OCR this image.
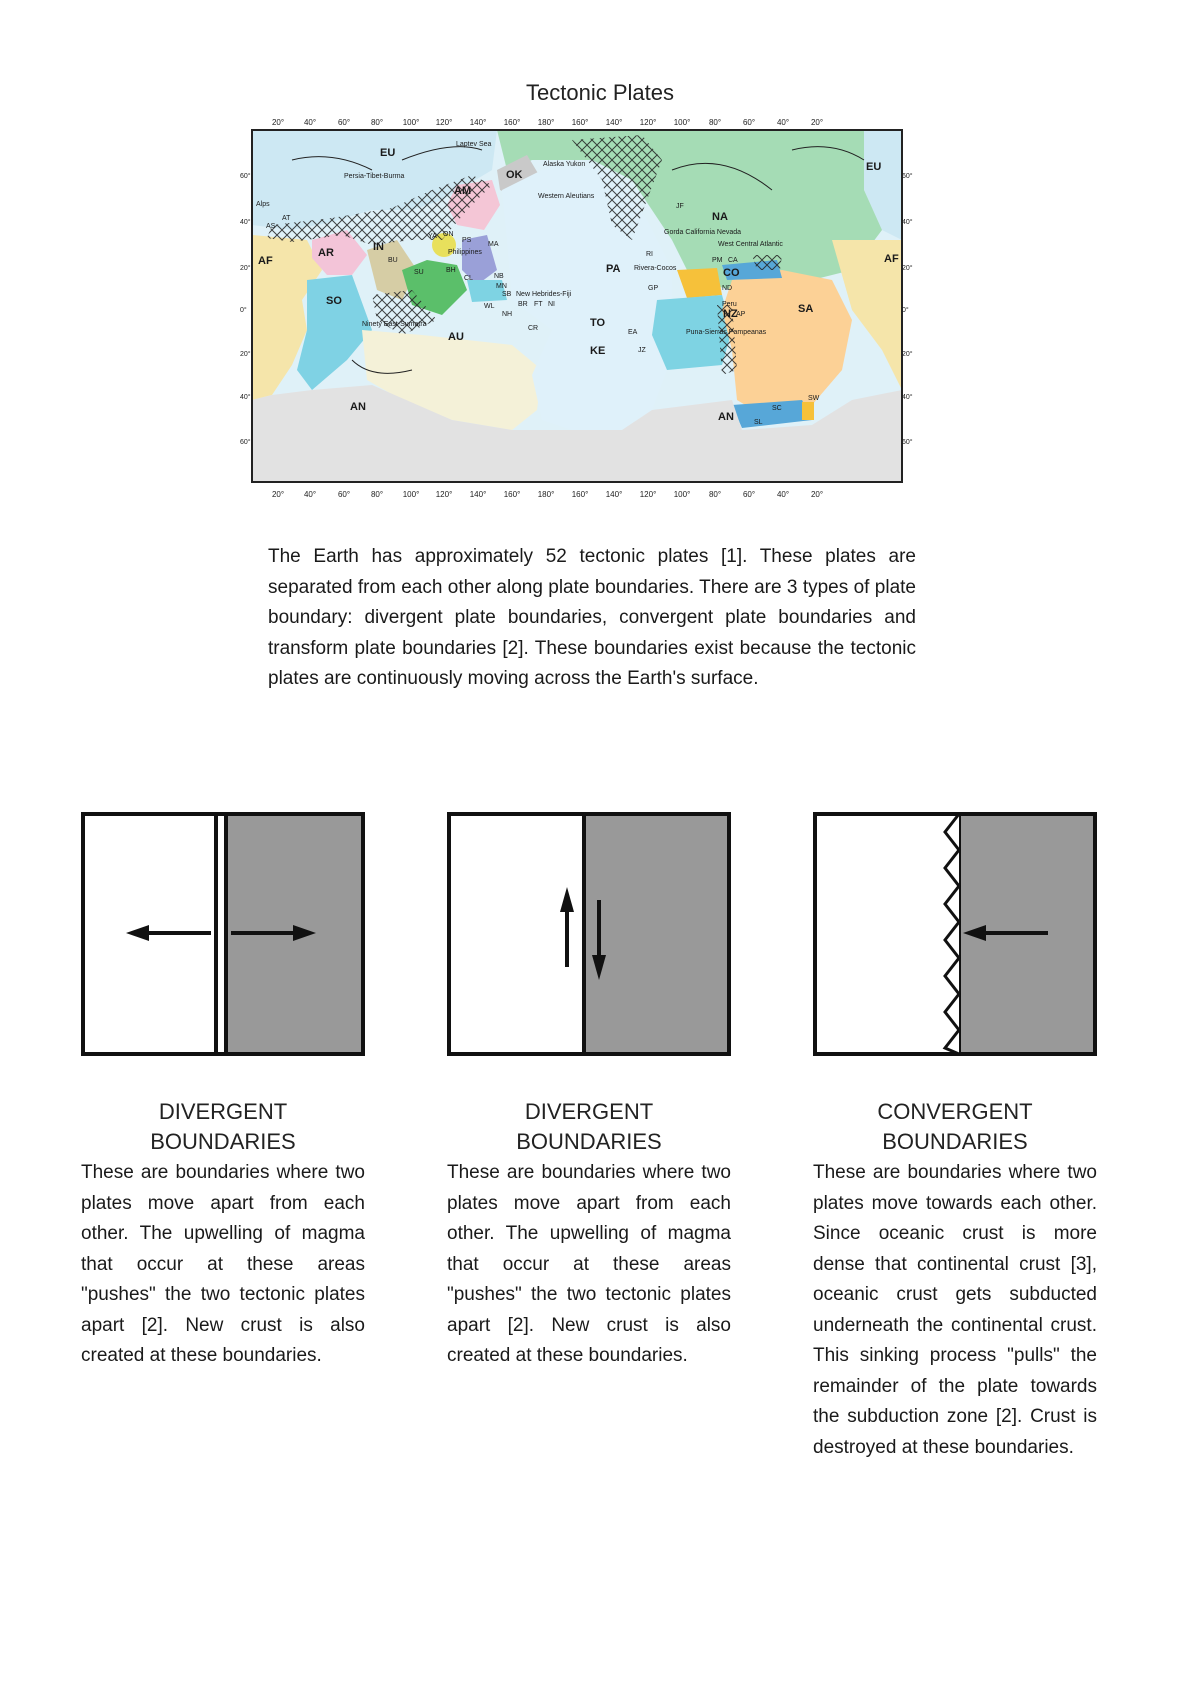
Tectonic Plates
20° 40°	60°	80° 100° 120° 140° 160° 180° 160° 140° 120° 100° 80°	60°	40°	20°
20° 40°	60°	80° 100° 120° 140° 160° 180° 160° 140° 120° 100° 80°	60°	40°	20°
60°
40°
20°
0°
20°
40°
60°
60°
40°
20°
0°
20°
40°
60°
EU
EU
AM
OK
NA
AF	AF
AR	IN
SO
PA	CO
NZ	SA
AU
AN
AN
KE
TO
Laptev Sea
Alaska Yukon
Western Aleutians
JF
Gorda California Nevada
Alps
AS
AT
Persia-Tibet-Burma
YA ON
PS
Philippines
MA
BU
SU	BH
CL	NB
MN
SB New Hebrides-Fiji
WL	BR FT NI
NH
CR
Ninety East-Sumatra
RI
Rivera-Cocos
GP
EA
JZ
PM CA
West Central Atlantic
ND
AP
Peru
Puna-Sierras Pampeanas
SC
SW
SL
The Earth has approximately 52 tectonic plates [1]. These plates are separated from each other along plate boundaries. There are 3 types of plate boundary: divergent plate boundaries, convergent plate boundaries and transform plate boundaries [2]. These boundaries exist because the tectonic plates are continuously moving across the Earth's surface.
DIVERGENT
BOUNDARIES
These are boundaries where two plates move apart from each other. The upwelling of magma that occur at these areas "pushes" the two tectonic plates apart [2]. New crust is also created at these boundaries.
DIVERGENT
BOUNDARIES
These are boundaries where two plates move apart from each other. The upwelling of magma that occur at these areas "pushes" the two tectonic plates apart [2]. New crust is also created at these boundaries.
CONVERGENT
BOUNDARIES
These are boundaries where two plates move towards each other. Since oceanic crust is more dense that continental crust [3], oceanic crust gets subducted underneath the continental crust. This sinking process "pulls" the remainder of the plate towards the subduction zone [2]. Crust is destroyed at these boundaries.
